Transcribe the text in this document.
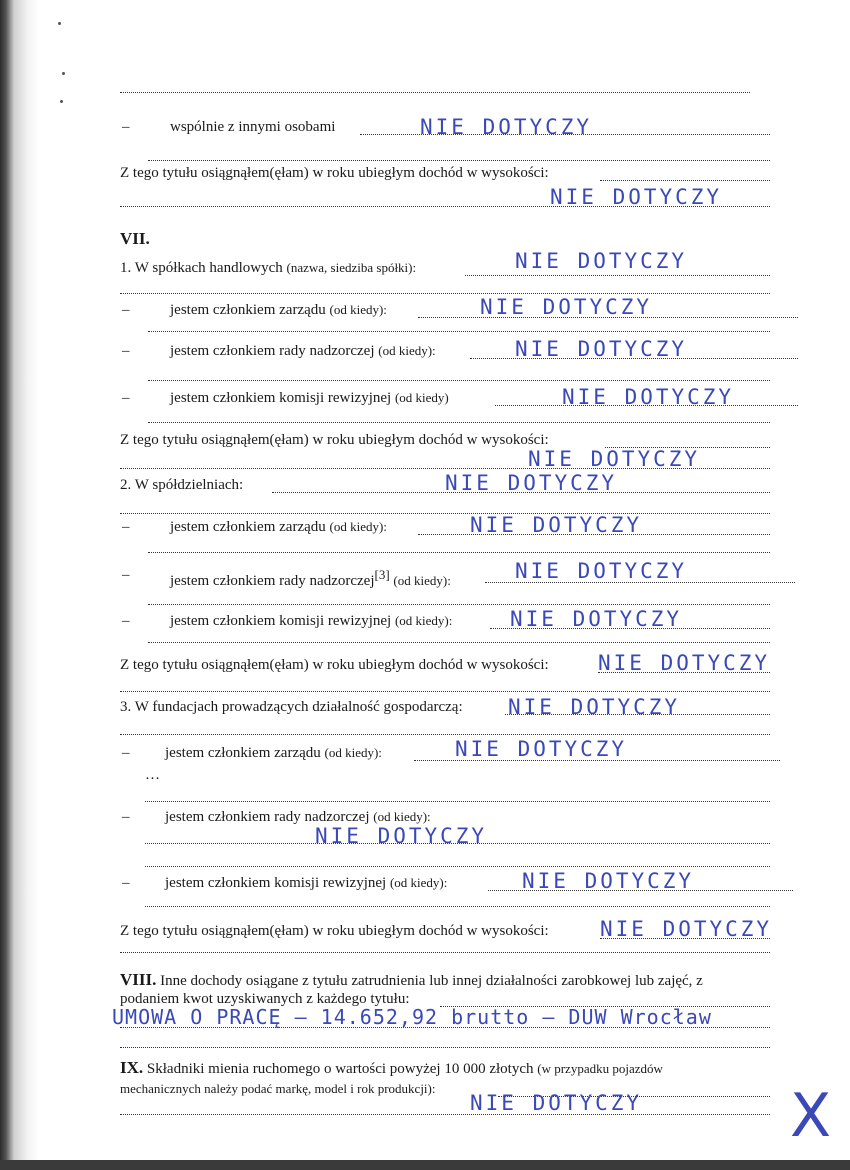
–	wspólnie z innymi osobami	NIE DOTYCZY
Z tego tytułu osiągnąłem(ęłam) w roku ubiegłym dochód w wysokości:
NIE DOTYCZY
VII.
1. W spółkach handlowych (nazwa, siedziba spółki):	NIE DOTYCZY
–	jestem członkiem zarządu (od kiedy):	NIE DOTYCZY
–	jestem członkiem rady nadzorczej (od kiedy):	NIE DOTYCZY
–	jestem członkiem komisji rewizyjnej (od kiedy)	NIE DOTYCZY
Z tego tytułu osiągnąłem(ęłam) w roku ubiegłym dochód w wysokości:
NIE DOTYCZY
2. W spółdzielniach:	NIE DOTYCZY
–	jestem członkiem zarządu (od kiedy):	NIE DOTYCZY
–	jestem członkiem rady nadzorczej[3] (od kiedy):	NIE DOTYCZY
–	jestem członkiem komisji rewizyjnej (od kiedy):	NIE DOTYCZY
Z tego tytułu osiągnąłem(ęłam) w roku ubiegłym dochód w wysokości: NIE DOTYCZY
3. W fundacjach prowadzących działalność gospodarczą: NIE DOTYCZY
– jestem członkiem zarządu (od kiedy):	NIE DOTYCZY
…
– jestem członkiem rady nadzorczej (od kiedy):
NIE DOTYCZY
– jestem członkiem komisji rewizyjnej (od kiedy):	NIE DOTYCZY
Z tego tytułu osiągnąłem(ęłam) w roku ubiegłym dochód w wysokości: NIE DOTYCZY
VIII. Inne dochody osiągane z tytułu zatrudnienia lub innej działalności zarobkowej lub zajęć, z
podaniem kwot uzyskiwanych z każdego tytułu:
UMOWA O PRACĘ – 14.652,92 brutto – DUW Wrocław
IX. Składniki mienia ruchomego o wartości powyżej 10 000 złotych (w przypadku pojazdów
mechanicznych należy podać markę, model i rok produkcji):
NIE DOTYCZY X
